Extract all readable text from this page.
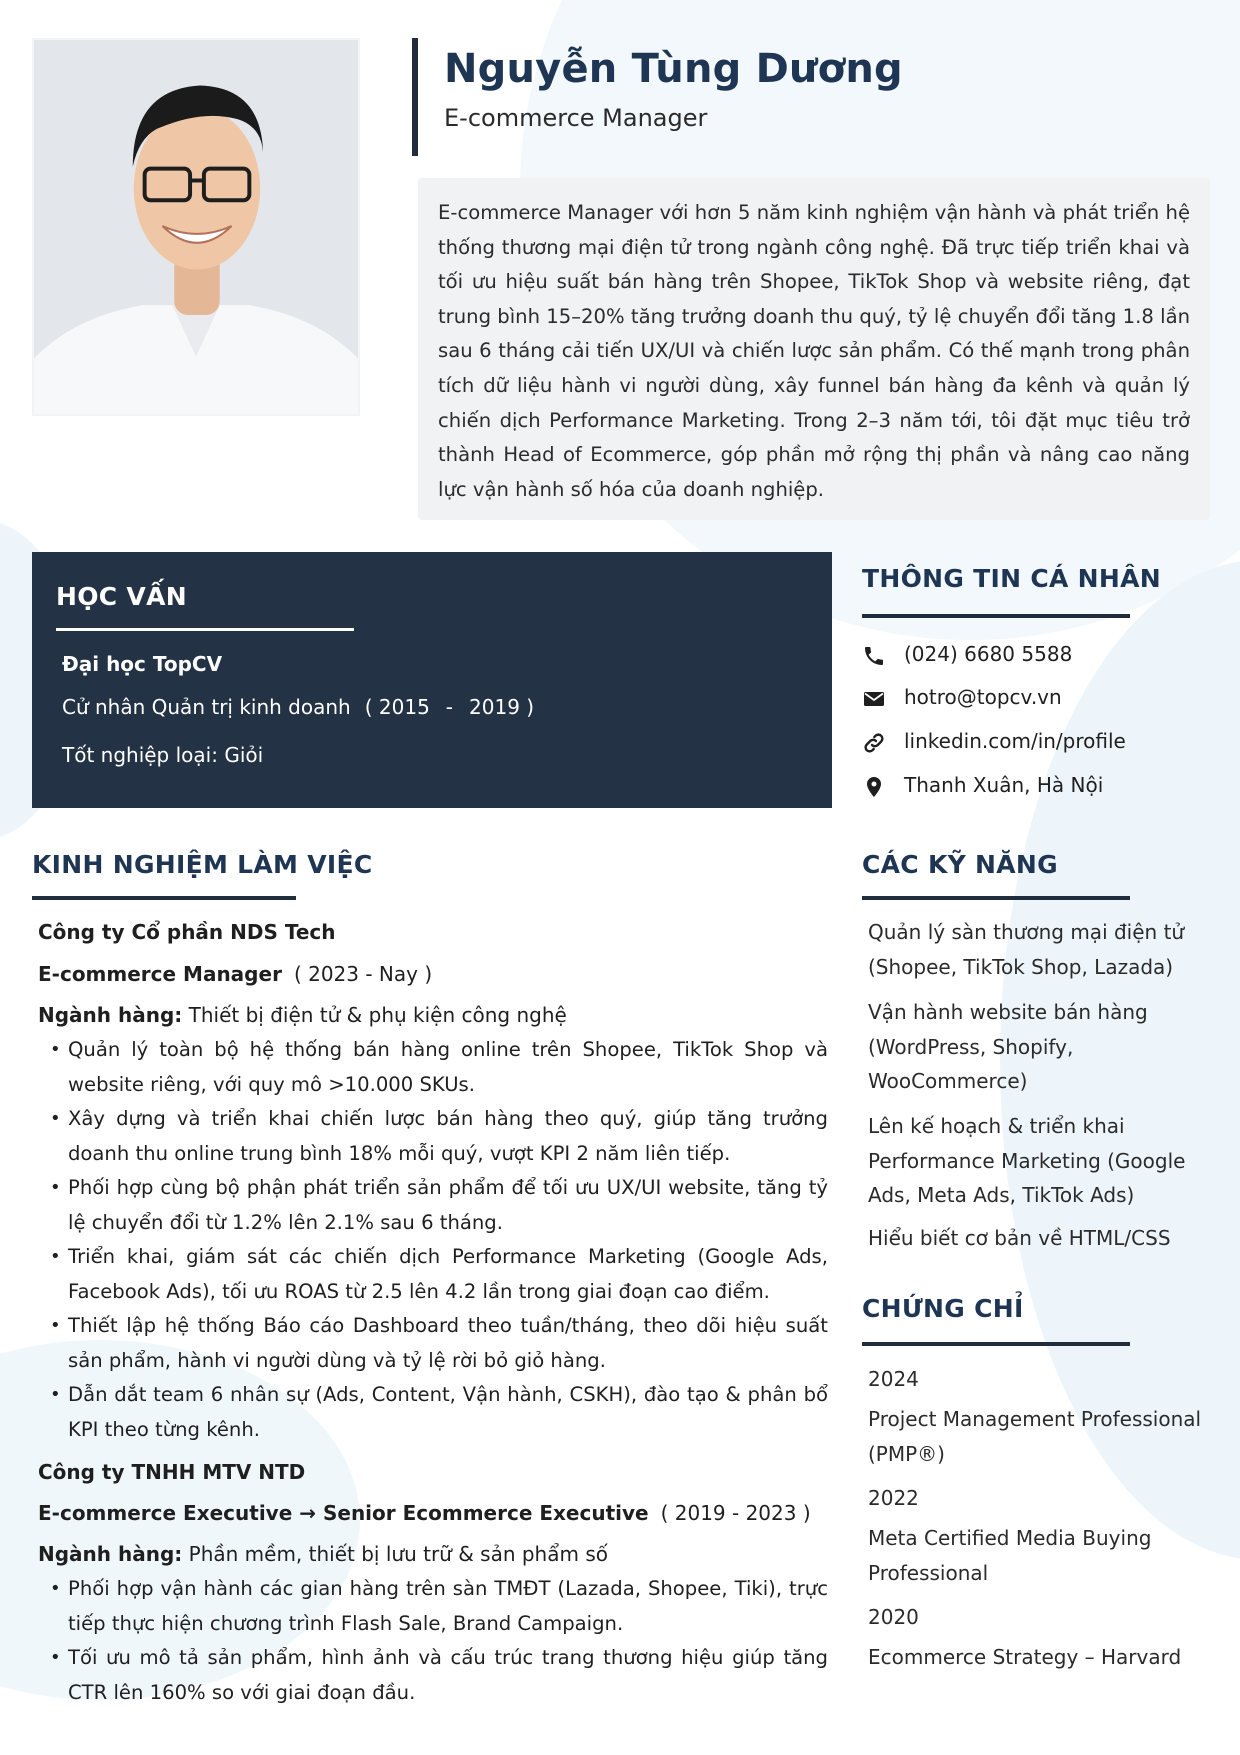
Nguyễn Tùng Dương
E-commerce Manager

E-commerce Manager với hơn 5 năm kinh nghiệm vận hành và phát triển hệ thống thương mại điện tử trong ngành công nghệ. Đã trực tiếp triển khai và tối ưu hiệu suất bán hàng trên Shopee, TikTok Shop và website riêng, đạt trung bình 15–20% tăng trưởng doanh thu quý, tỷ lệ chuyển đổi tăng 1.8 lần sau 6 tháng cải tiến UX/UI và chiến lược sản phẩm. Có thế mạnh trong phân tích dữ liệu hành vi người dùng, xây funnel bán hàng đa kênh và quản lý chiến dịch Performance Marketing. Trong 2–3 năm tới, tôi đặt mục tiêu trở thành Head of Ecommerce, góp phần mở rộng thị phần và nâng cao năng lực vận hành số hóa của doanh nghiệp.

HỌC VẤN
Đại học TopCV
Cử nhân Quản trị kinh doanh ( 2015 - 2019 )
Tốt nghiệp loại: Giỏi
THÔNG TIN CÁ NHÂN
(024) 6680 5588
hotro@topcv.vn
linkedin.com/in/profile
Thanh Xuân, Hà Nội
KINH NGHIỆM LÀM VIỆC
Công ty Cổ phần NDS Tech
E-commerce Manager ( 2023 - Nay )
Ngành hàng: Thiết bị điện tử & phụ kiện công nghệ
• Quản lý toàn bộ hệ thống bán hàng online trên Shopee, TikTok Shop và website riêng, với quy mô >10.000 SKUs.
• Xây dựng và triển khai chiến lược bán hàng theo quý, giúp tăng trưởng doanh thu online trung bình 18% mỗi quý, vượt KPI 2 năm liên tiếp.
• Phối hợp cùng bộ phận phát triển sản phẩm để tối ưu UX/UI website, tăng tỷ lệ chuyển đổi từ 1.2% lên 2.1% sau 6 tháng.
• Triển khai, giám sát các chiến dịch Performance Marketing (Google Ads, Facebook Ads), tối ưu ROAS từ 2.5 lên 4.2 lần trong giai đoạn cao điểm.
• Thiết lập hệ thống Báo cáo Dashboard theo tuần/tháng, theo dõi hiệu suất sản phẩm, hành vi người dùng và tỷ lệ rời bỏ giỏ hàng.
• Dẫn dắt team 6 nhân sự (Ads, Content, Vận hành, CSKH), đào tạo & phân bổ KPI theo từng kênh.
Công ty TNHH MTV NTD
E-commerce Executive → Senior Ecommerce Executive ( 2019 - 2023 )
Ngành hàng: Phần mềm, thiết bị lưu trữ & sản phẩm số
• Phối hợp vận hành các gian hàng trên sàn TMĐT (Lazada, Shopee, Tiki), trực tiếp thực hiện chương trình Flash Sale, Brand Campaign.
• Tối ưu mô tả sản phẩm, hình ảnh và cấu trúc trang thương hiệu giúp tăng CTR lên 160% so với giai đoạn đầu.
CÁC KỸ NĂNG
Quản lý sàn thương mại điện tử (Shopee, TikTok Shop, Lazada)
Vận hành website bán hàng (WordPress, Shopify, WooCommerce)
Lên kế hoạch & triển khai Performance Marketing (Google Ads, Meta Ads, TikTok Ads)
Hiểu biết cơ bản về HTML/CSS
CHỨNG CHỈ
2024
Project Management Professional (PMP®)
2022
Meta Certified Media Buying Professional
2020
Ecommerce Strategy – Harvard
